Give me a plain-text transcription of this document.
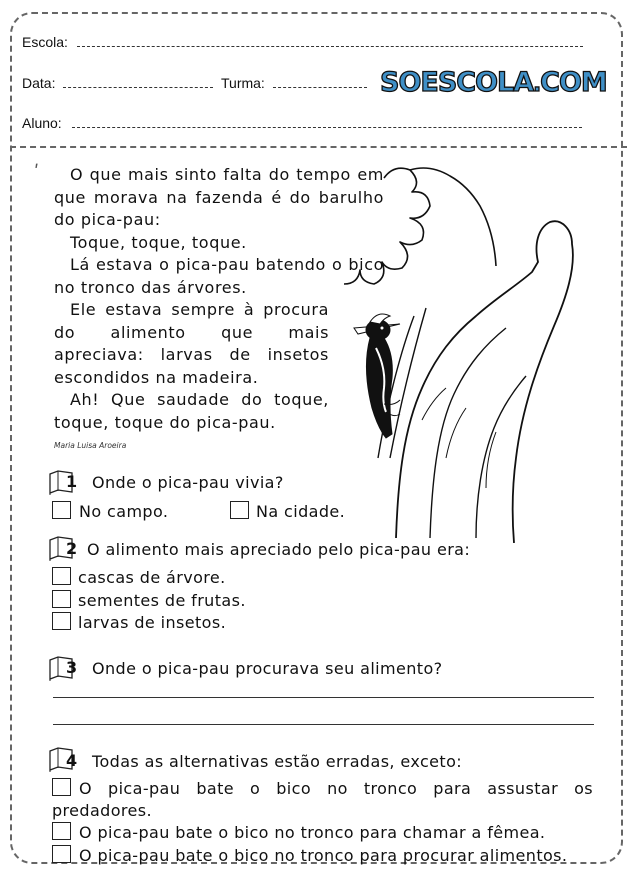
Escola:
Data:	Turma:	SOESCOLA.COM
Aluno:
ʹ	O que mais sinto falta do tempo em que morava na fazenda é do barulho do pica-pau:

Toque, toque, toque.

Lá estava o pica-pau batendo o bico no tronco das árvores.

Ele estava sempre à procura do alimento que mais apreciava: larvas de insetos escondidos na madeira.

Ah! Que saudade do toque, toque, toque do pica-pau.

Maria Luisa Aroeira
1 Onde o pica-pau vivia?
No campo.	Na cidade.
2 O alimento mais apreciado pelo pica-pau era:
cascas de árvore.
sementes de frutas.
larvas de insetos.
3 Onde o pica-pau procurava seu alimento?
4 Todas as alternativas estão erradas, exceto:
O pica-pau bate o bico no tronco para assustar os
predadores.
O pica-pau bate o bico no tronco para chamar a fêmea.
O pica-pau bate o bico no tronco para procurar alimentos.
